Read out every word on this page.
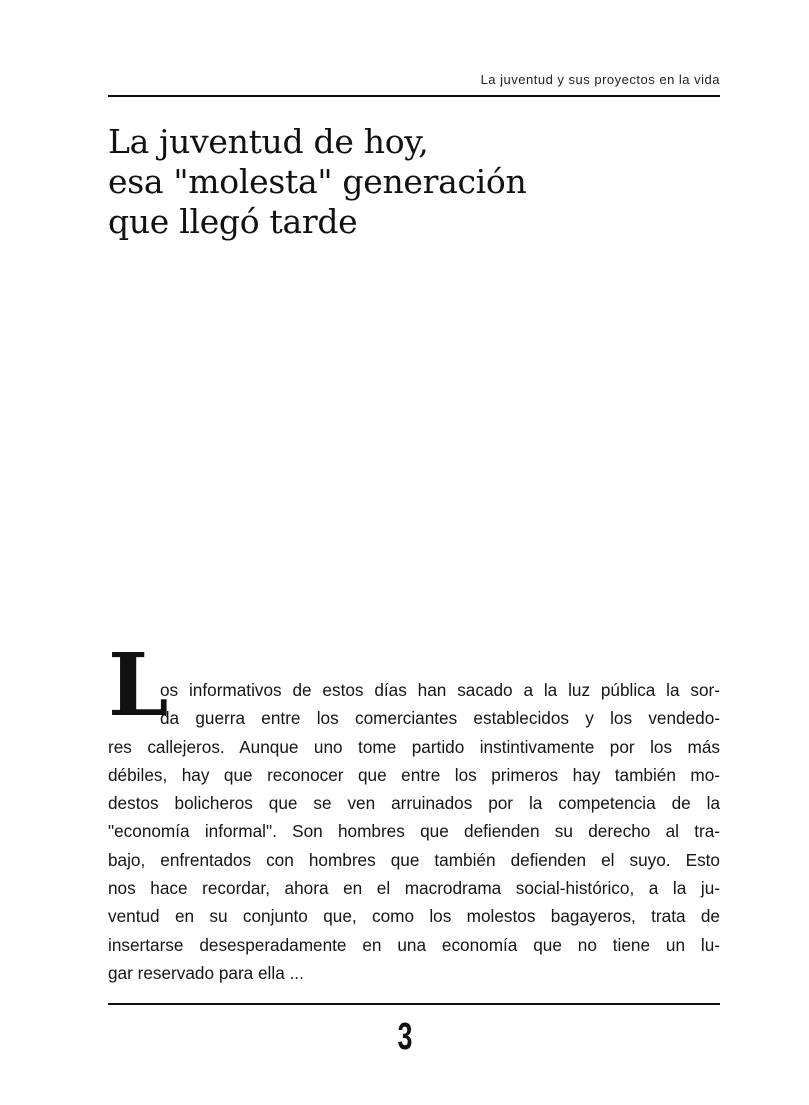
La juventud y sus proyectos en la vida
La juventud de hoy,
esa "molesta" generación
que llegó tarde
L
os informativos de estos días han sacado a la luz pública la sor-
da guerra entre los comerciantes establecidos y los vendedo-
res callejeros. Aunque uno tome partido instintivamente por los más
débiles, hay que reconocer que entre los primeros hay también mo-
destos bolicheros que se ven arruinados por la competencia de la
"economía informal". Son hombres que defienden su derecho al tra-
bajo, enfrentados con hombres que también defienden el suyo. Esto
nos hace recordar, ahora en el macrodrama social-histórico, a la ju-
ventud en su conjunto que, como los molestos bagayeros, trata de
insertarse desesperadamente en una economía que no tiene un lu-
gar reservado para ella ...
3
